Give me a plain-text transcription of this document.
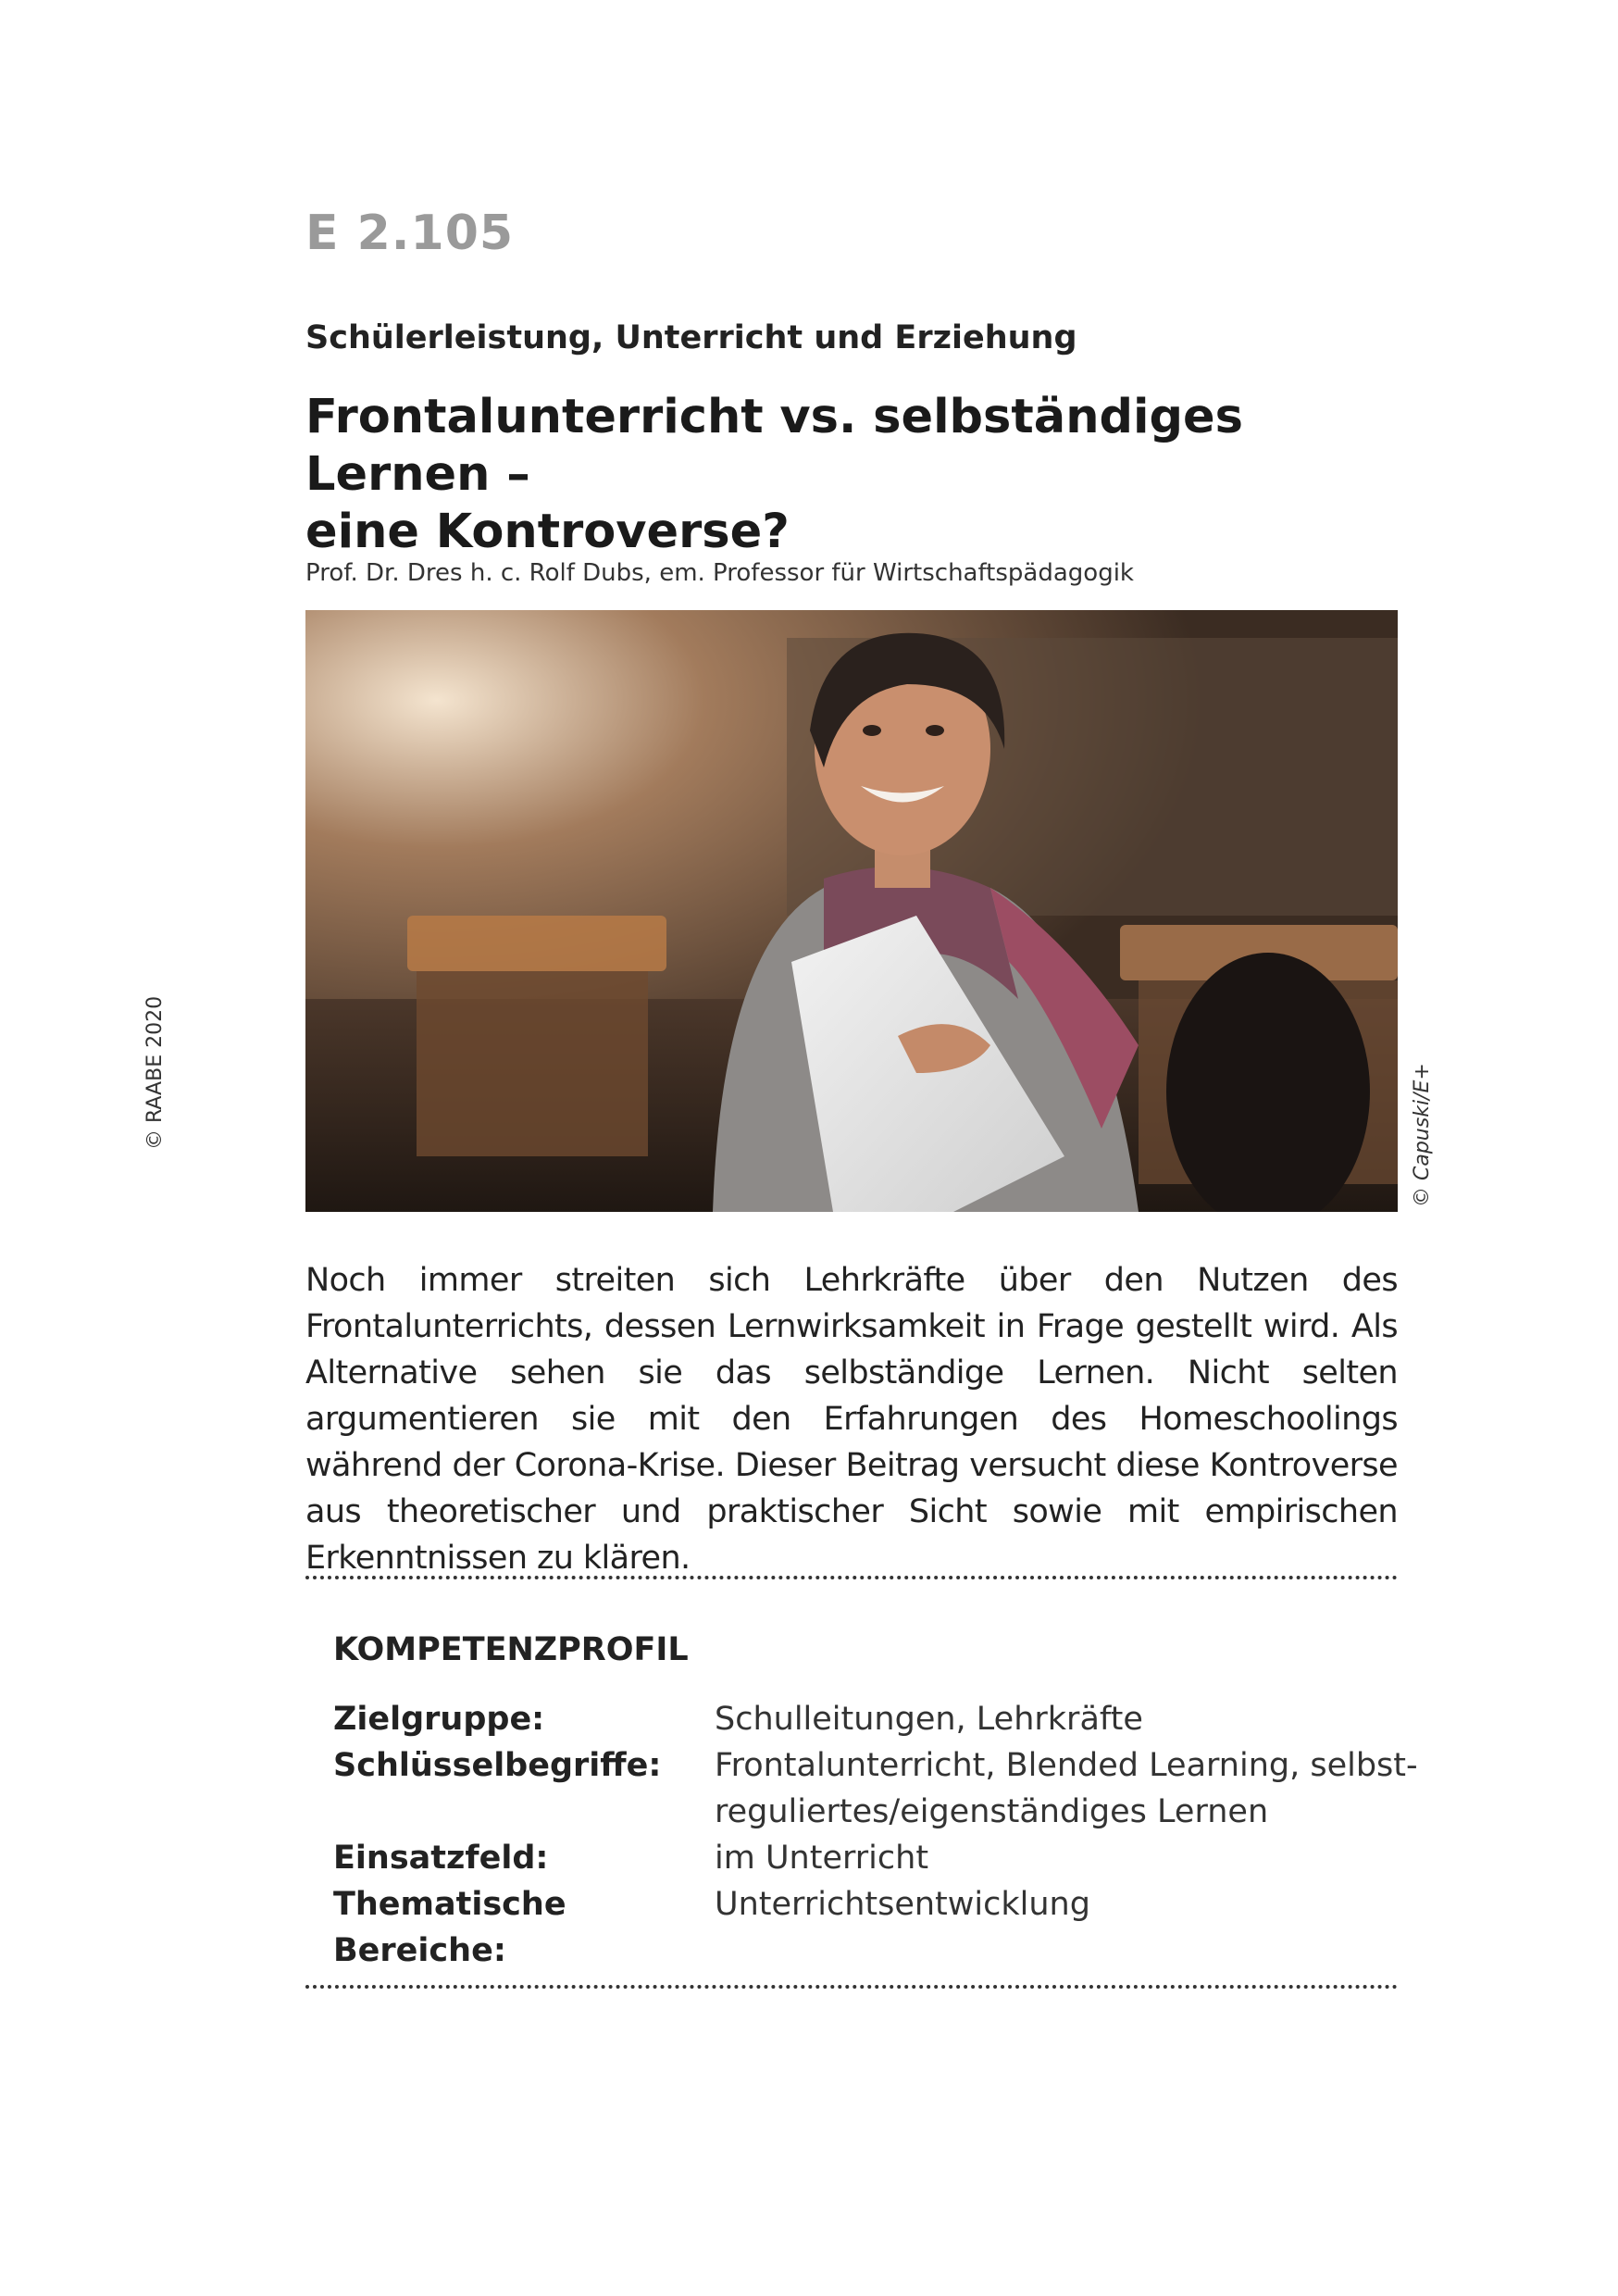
E 2.105
Schülerleistung, Unterricht und Erziehung
Frontalunterricht vs. selbständiges Lernen –
eine Kontroverse?
Prof. Dr. Dres h. c. Rolf Dubs, em. Professor für Wirtschaftspädagogik
© RAABE 2020	© Capuski/E+

Noch immer streiten sich Lehrkräfte über den Nutzen des Frontalunterrichts, dessen Lernwirksamkeit in Frage gestellt wird. Als Alternative sehen sie das selbständige Lernen. Nicht selten argumentieren sie mit den Erfahrungen des Homeschoolings während der Corona-Krise. Dieser Beitrag versucht diese Kontroverse aus theoretischer und praktischer Sicht sowie mit empirischen Erkenntnissen zu klären.

KOMPETENZPROFIL
Zielgruppe:	Schulleitungen, Lehrkräfte
Schlüsselbegriffe:	Frontalunterricht, Blended Learning, selbst- reguliertes/eigenständiges Lernen
Einsatzfeld:	im Unterricht
Thematische Bereiche:	Unterrichtsentwicklung
